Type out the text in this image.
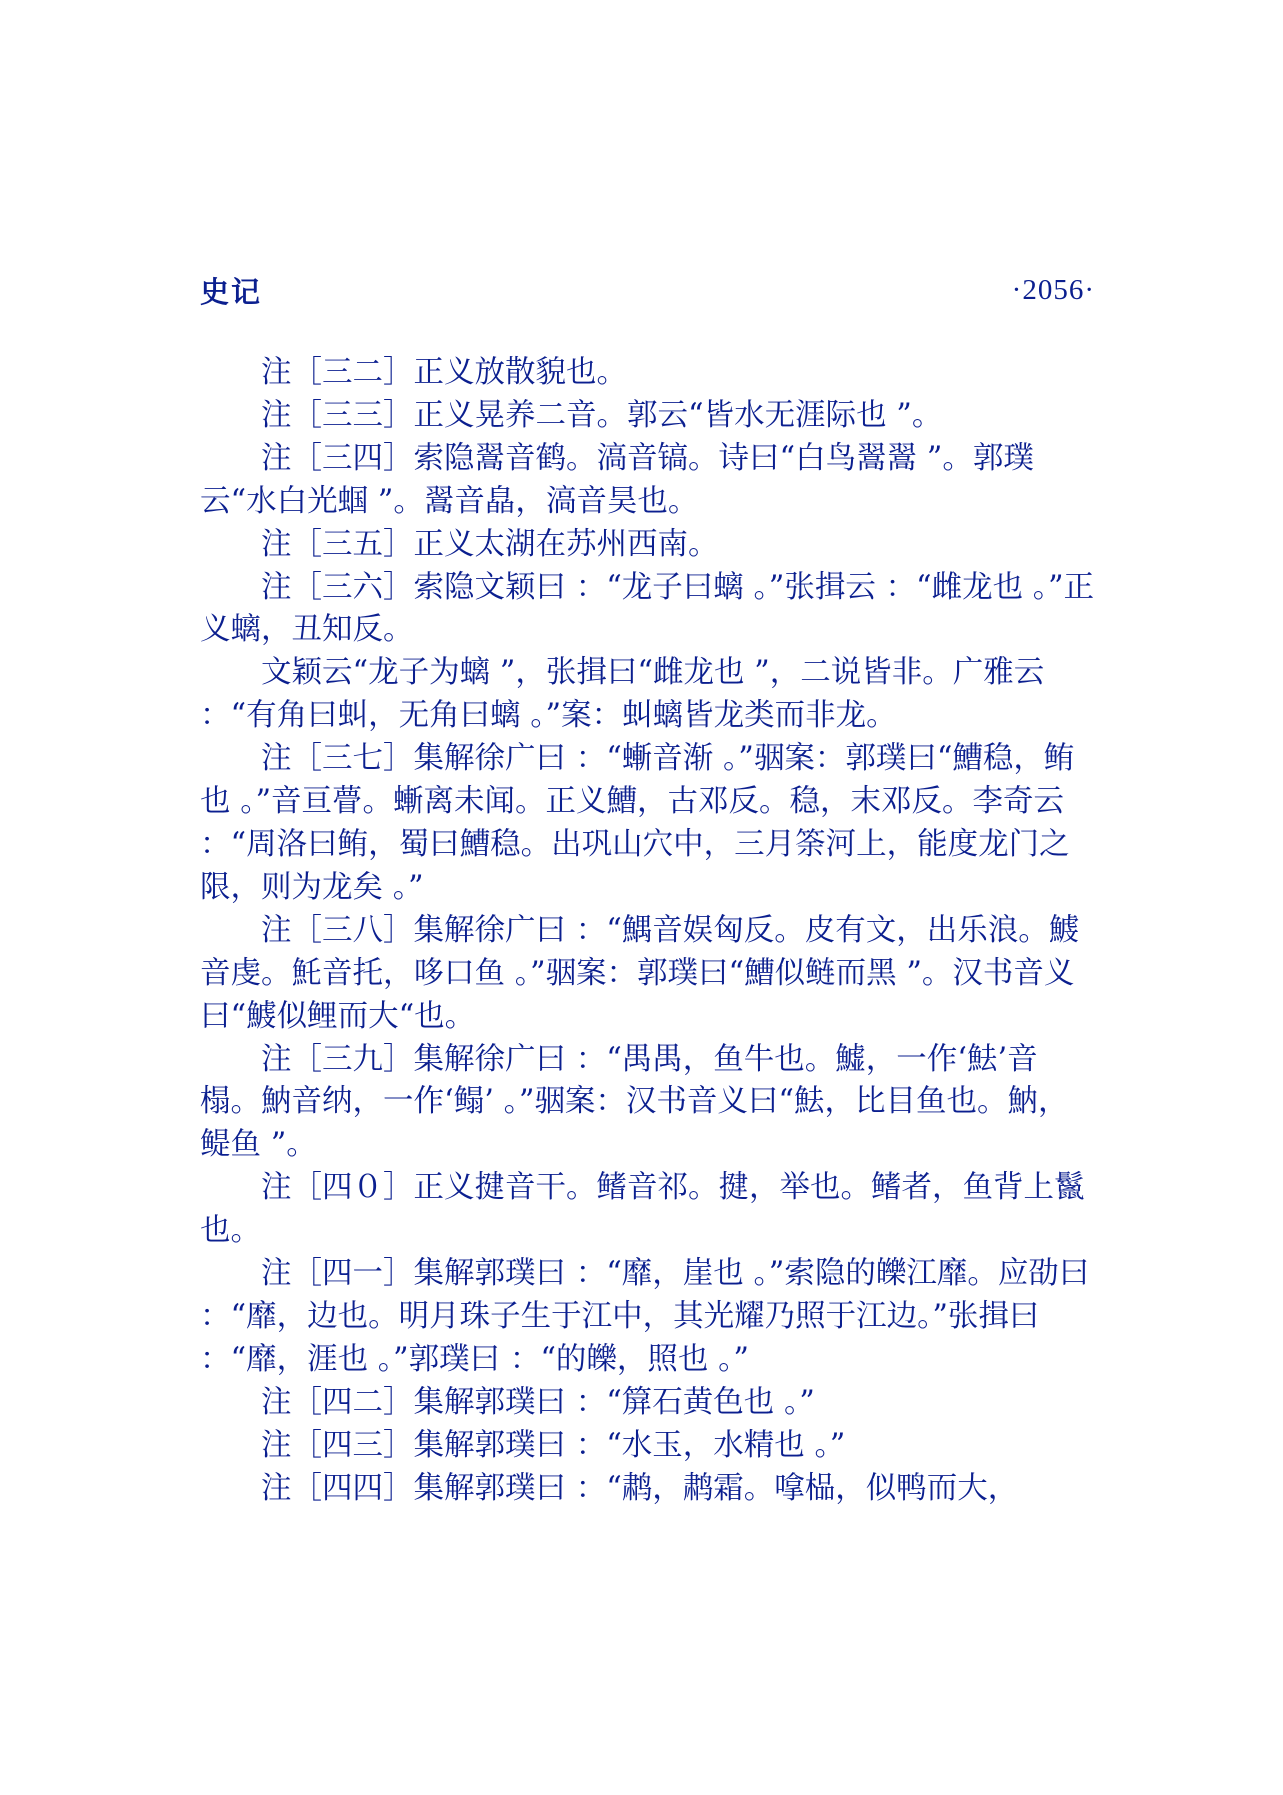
史记	·2056·

注［三二］正义放散貌也。

注［三三］正义晃养二音。郭云“皆水无涯际也 ”。

注［三四］索隐翯音鹤。滈音镐。诗曰“白鸟翯翯 ”。郭璞云“水白光蝈 ”。翯音皛，滈音昊也。

注［三五］正义太湖在苏州西南。

注［三六］索隐文颖曰 ：“龙子曰螭 。”张揖云 ：“雌龙也 。”正义螭，丑知反。

文颖云“龙子为螭 ”，张揖曰“雌龙也 ”，二说皆非。广雅云 ：“有角曰虯，无角曰螭 。”案：虯螭皆龙类而非龙。

注［三七］集解徐广曰 ：“螹音渐 。”骃案：郭璞曰“鰽稳，鲔也 。”音亘瞢。螹离未闻。正义鰽，古邓反。稳，末邓反。李奇云 ：“周洛曰鲔，蜀曰鰽稳。出巩山穴中，三月筡河上，能度龙门之限，则为龙矣 。”

注［三八］集解徐广曰 ：“鰅音娱匈反。皮有文，出乐浪。鰬音虔。魠音托，哆口鱼 。”骃案：郭璞曰“鰽似鲢而黑 ”。汉书音义曰“鰬似鲤而大“也。

注［三九］集解徐广曰 ：“禺禺，鱼牛也。鱋，一作‘魼’音榻。魶音纳，一作‘鳎’ 。”骃案：汉书音义曰“魼，比目鱼也。魶，鳀鱼 ”。

注［四０］正义揵音干。鳍音祁。揵，举也。鳍者，鱼背上鬣也。

注［四一］集解郭璞曰 ：“靡，崖也 。”索隐的皪江靡。应劭曰 ：“靡，边也。明月珠子生于江中，其光耀乃照于江边。”张揖曰 ：“靡，涯也 。”郭璞曰 ：“的皪，照也 。”

注［四二］集解郭璞曰 ：“箳石黄色也 。”

注［四三］集解郭璞曰 ：“水玉，水精也 。”

注［四四］集解郭璞曰 ：“鹔，鹔霜。嗱榀，似鸭而大，
